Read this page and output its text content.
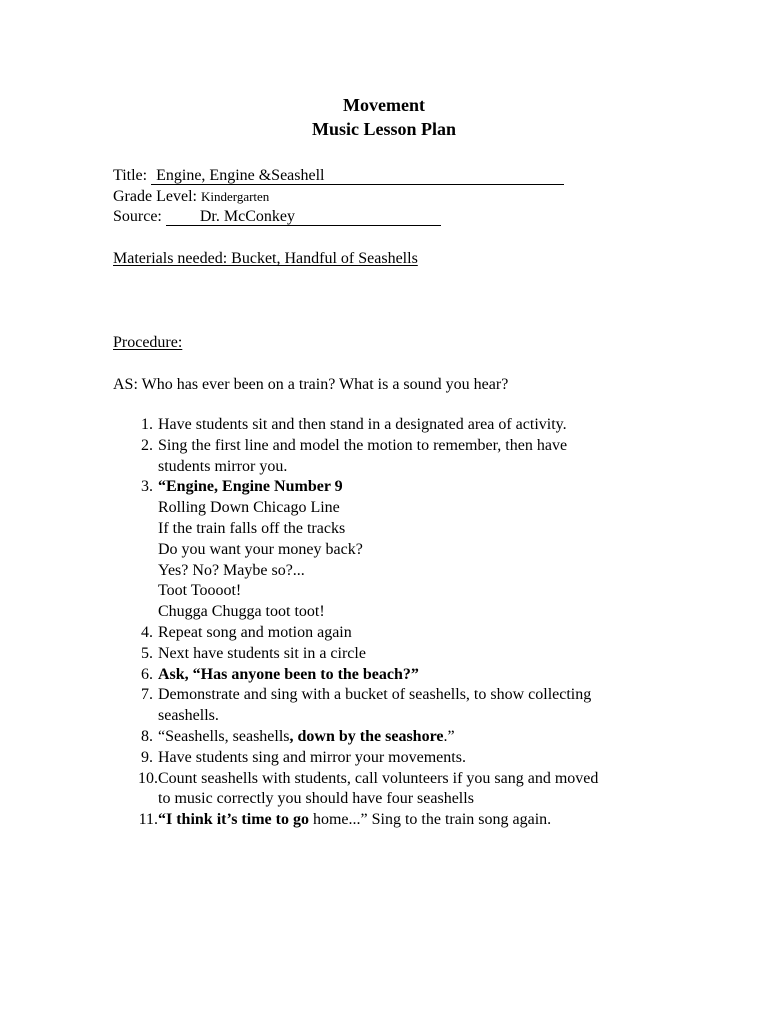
Movement
Music Lesson Plan
Title: Engine, Engine &Seashell
Grade Level: Kindergarten
Source: Dr. McConkey
Materials needed: Bucket, Handful of Seashells
Procedure:
AS: Who has ever been on a train? What is a sound you hear?
1. Have students sit and then stand in a designated area of activity.
2. Sing the first line and model the motion to remember, then have
students mirror you.
3. “Engine, Engine Number 9
Rolling Down Chicago Line
If the train falls off the tracks
Do you want your money back?
Yes? No? Maybe so?...
Toot Toooot!
Chugga Chugga toot toot!
4. Repeat song and motion again
5. Next have students sit in a circle
6. Ask, “Has anyone been to the beach?”
7. Demonstrate and sing with a bucket of seashells, to show collecting
seashells.
8. “Seashells, seashells, down by the seashore.”
9. Have students sing and mirror your movements.
10. Count seashells with students, call volunteers if you sang and moved
to music correctly you should have four seashells
11. “I think it’s time to go home...” Sing to the train song again.
